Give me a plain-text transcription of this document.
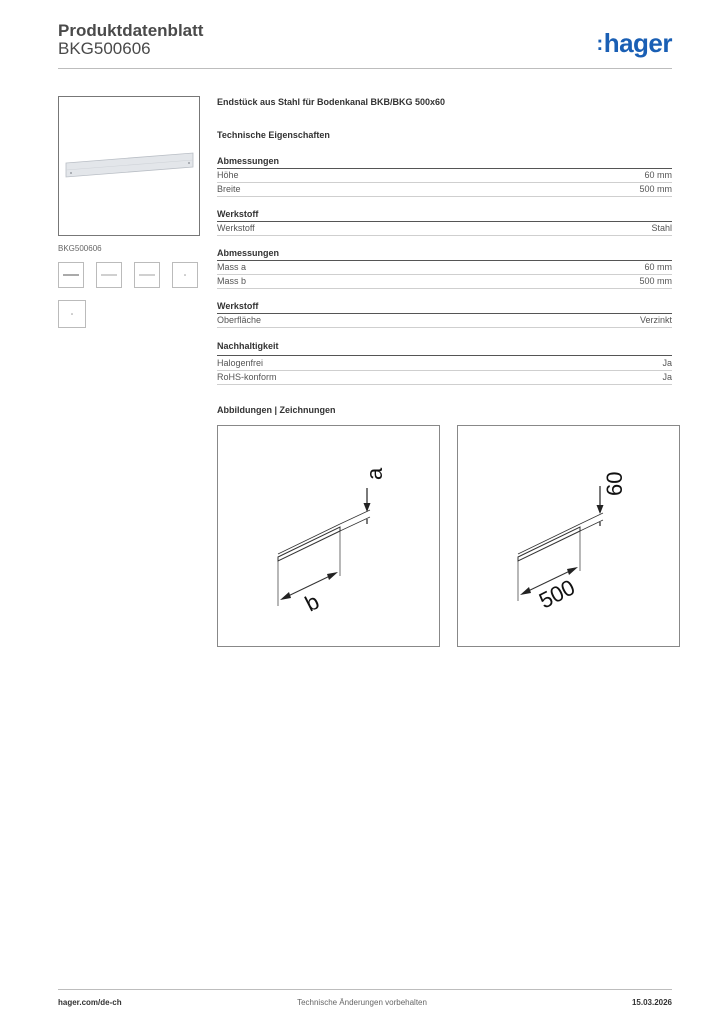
Produktdatenblatt
BKG500606	:hager
BKG500606
Endstück aus Stahl für Bodenkanal BKB/BKG 500x60
Technische Eigenschaften
Abmessungen
Höhe	60 mm
Breite	500 mm
Werkstoff
Werkstoff	Stahl
Abmessungen
Mass a	60 mm
Mass b	500 mm
Werkstoff
Oberfläche	Verzinkt
Nachhaltigkeit
Halogenfrei	Ja
RoHS-konform	Ja
Abbildungen | Zeichnungen
a
b
60
500
hager.com/de-ch	Technische Änderungen vorbehalten	15.03.2026
